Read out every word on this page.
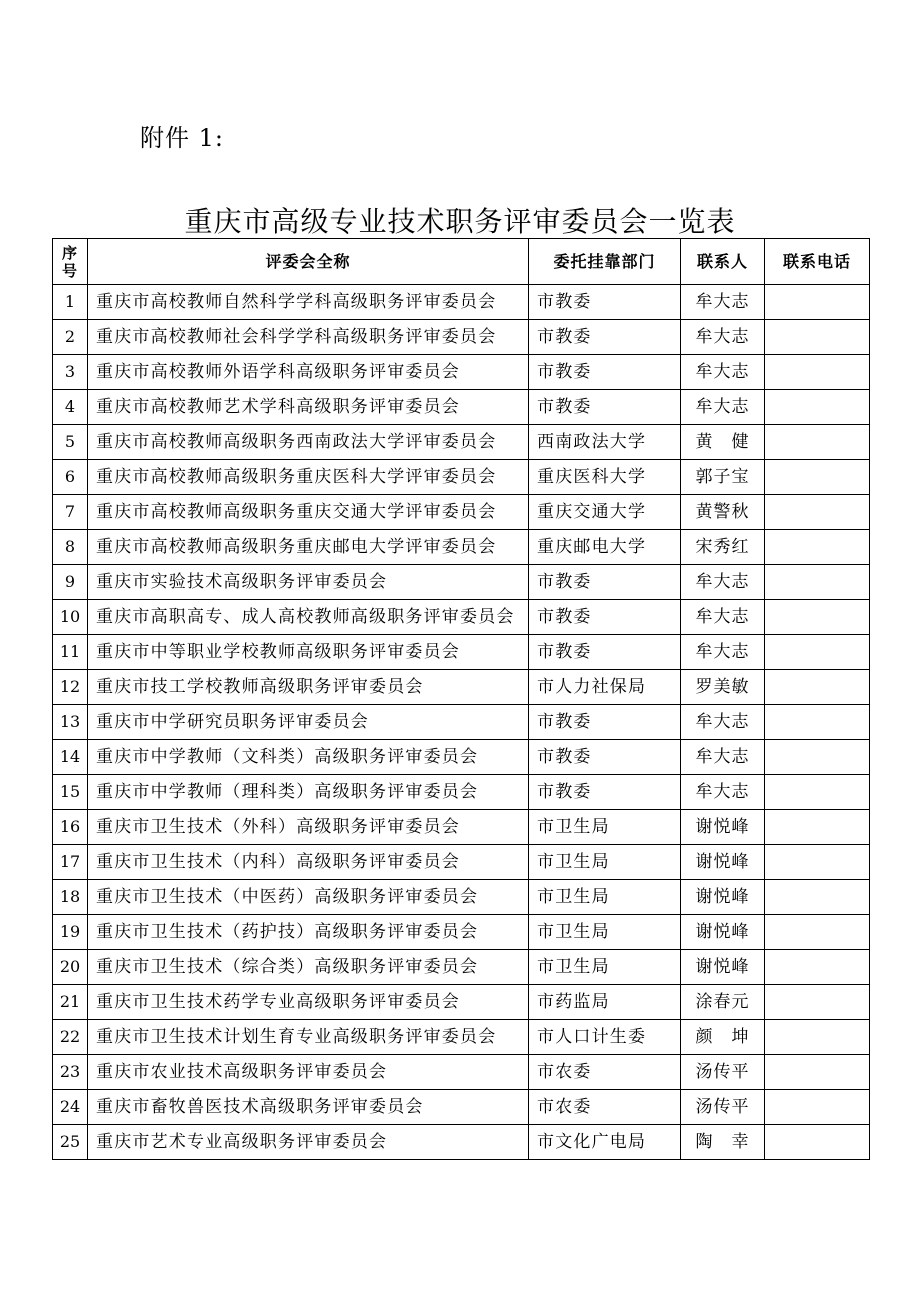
附件 1:
重庆市高级专业技术职务评审委员会一览表
序
号	评委会全称	委托挂靠部门	联系人	联系电话
1	重庆市高校教师自然科学学科高级职务评审委员会	市教委	牟大志	
2	重庆市高校教师社会科学学科高级职务评审委员会	市教委	牟大志	
3	重庆市高校教师外语学科高级职务评审委员会	市教委	牟大志	
4	重庆市高校教师艺术学科高级职务评审委员会	市教委	牟大志	
5	重庆市高校教师高级职务西南政法大学评审委员会	西南政法大学	黄　健	
6	重庆市高校教师高级职务重庆医科大学评审委员会	重庆医科大学	郭子宝	
7	重庆市高校教师高级职务重庆交通大学评审委员会	重庆交通大学	黄警秋	
8	重庆市高校教师高级职务重庆邮电大学评审委员会	重庆邮电大学	宋秀红	
9	重庆市实验技术高级职务评审委员会	市教委	牟大志	
10	重庆市高职高专、成人高校教师高级职务评审委员会	市教委	牟大志	
11	重庆市中等职业学校教师高级职务评审委员会	市教委	牟大志	
12	重庆市技工学校教师高级职务评审委员会	市人力社保局	罗美敏	
13	重庆市中学研究员职务评审委员会	市教委	牟大志	
14	重庆市中学教师（文科类）高级职务评审委员会	市教委	牟大志	
15	重庆市中学教师（理科类）高级职务评审委员会	市教委	牟大志	
16	重庆市卫生技术（外科）高级职务评审委员会	市卫生局	谢悦峰	
17	重庆市卫生技术（内科）高级职务评审委员会	市卫生局	谢悦峰	
18	重庆市卫生技术（中医药）高级职务评审委员会	市卫生局	谢悦峰	
19	重庆市卫生技术（药护技）高级职务评审委员会	市卫生局	谢悦峰	
20	重庆市卫生技术（综合类）高级职务评审委员会	市卫生局	谢悦峰	
21	重庆市卫生技术药学专业高级职务评审委员会	市药监局	涂春元	
22	重庆市卫生技术计划生育专业高级职务评审委员会	市人口计生委	颜　坤	
23	重庆市农业技术高级职务评审委员会	市农委	汤传平	
24	重庆市畜牧兽医技术高级职务评审委员会	市农委	汤传平	
25	重庆市艺术专业高级职务评审委员会	市文化广电局	陶　幸	
